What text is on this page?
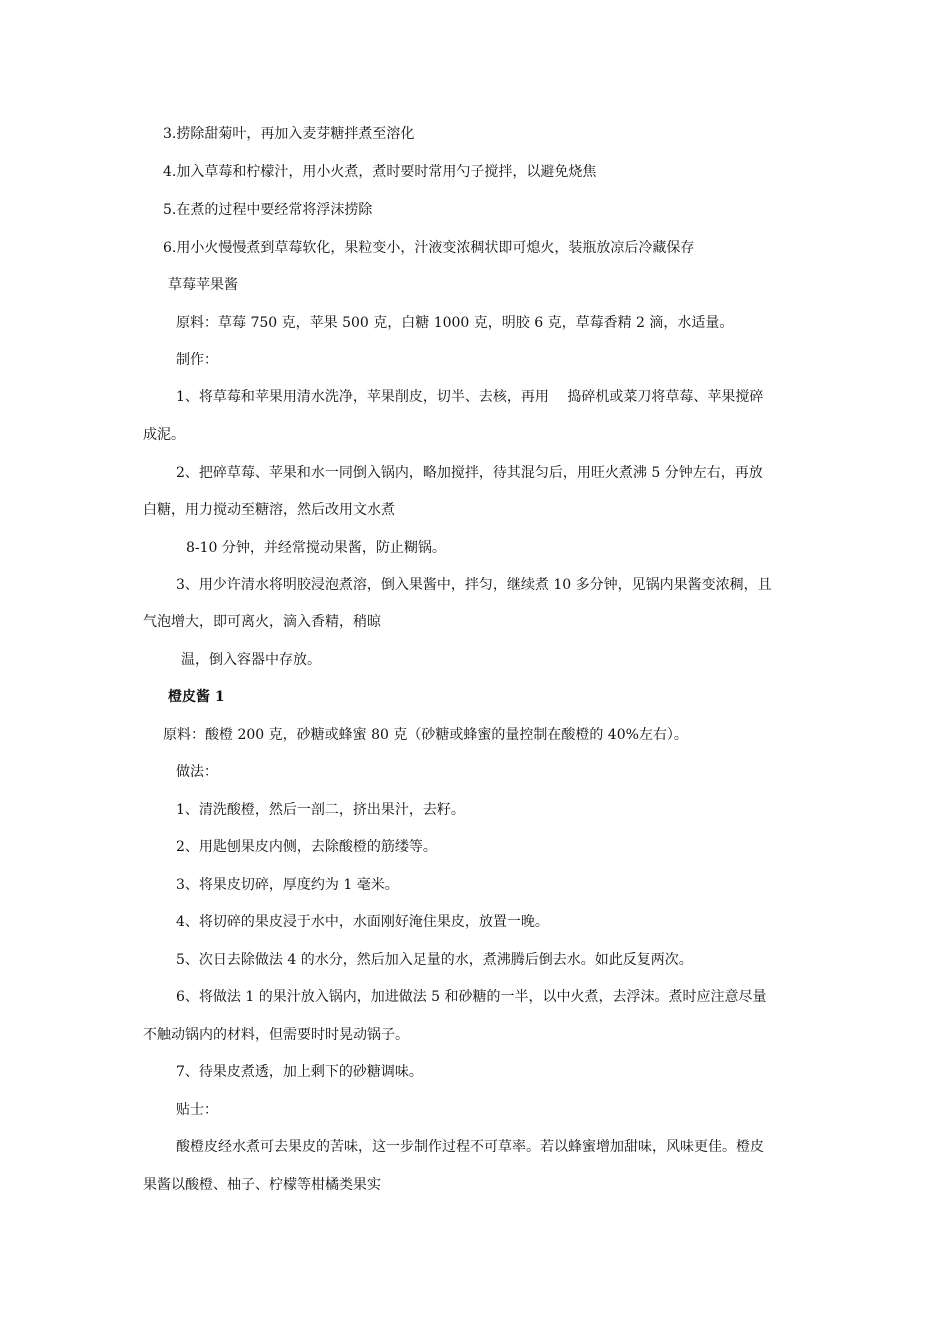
3.捞除甜菊叶，再加入麦芽糖拌煮至溶化

4.加入草莓和柠檬汁，用小火煮，煮时要时常用勺子搅拌，以避免烧焦

5.在煮的过程中要经常将浮沫捞除

6.用小火慢慢煮到草莓软化，果粒变小，汁液变浓稠状即可熄火，装瓶放凉后冷藏保存

草莓苹果酱

原料：草莓 750 克，苹果 500 克，白糖 1000 克，明胶 6 克，草莓香精 2 滴，水适量。

制作：

1、将草莓和苹果用清水洗净，苹果削皮，切半、去核，再用　 捣碎机或菜刀将草莓、苹果搅碎

成泥。

2、把碎草莓、苹果和水一同倒入锅内，略加搅拌，待其混匀后，用旺火煮沸 5 分钟左右，再放

白糖，用力搅动至糖溶，然后改用文水煮

8-10 分钟，并经常搅动果酱，防止糊锅。

3、用少许清水将明胶浸泡煮溶，倒入果酱中，拌匀，继续煮 10 多分钟，见锅内果酱变浓稠，且

气泡增大，即可离火，滴入香精，稍晾

温，倒入容器中存放。

橙皮酱 1

原料：酸橙 200 克，砂糖或蜂蜜 80 克（砂糖或蜂蜜的量控制在酸橙的 40%左右）。

做法：

1、清洗酸橙，然后一剖二，挤出果汁，去籽。

2、用匙刨果皮内侧，去除酸橙的筋缕等。

3、将果皮切碎，厚度约为 1 毫米。

4、将切碎的果皮浸于水中，水面刚好淹住果皮，放置一晚。

5、次日去除做法 4 的水分，然后加入足量的水，煮沸腾后倒去水。如此反复两次。

6、将做法 1 的果汁放入锅内，加进做法 5 和砂糖的一半，以中火煮，去浮沫。煮时应注意尽量

不触动锅内的材料，但需要时时晃动锅子。

7、待果皮煮透，加上剩下的砂糖调味。

贴士：

酸橙皮经水煮可去果皮的苦味，这一步制作过程不可草率。若以蜂蜜增加甜味，风味更佳。橙皮

果酱以酸橙、柚子、柠檬等柑橘类果实
